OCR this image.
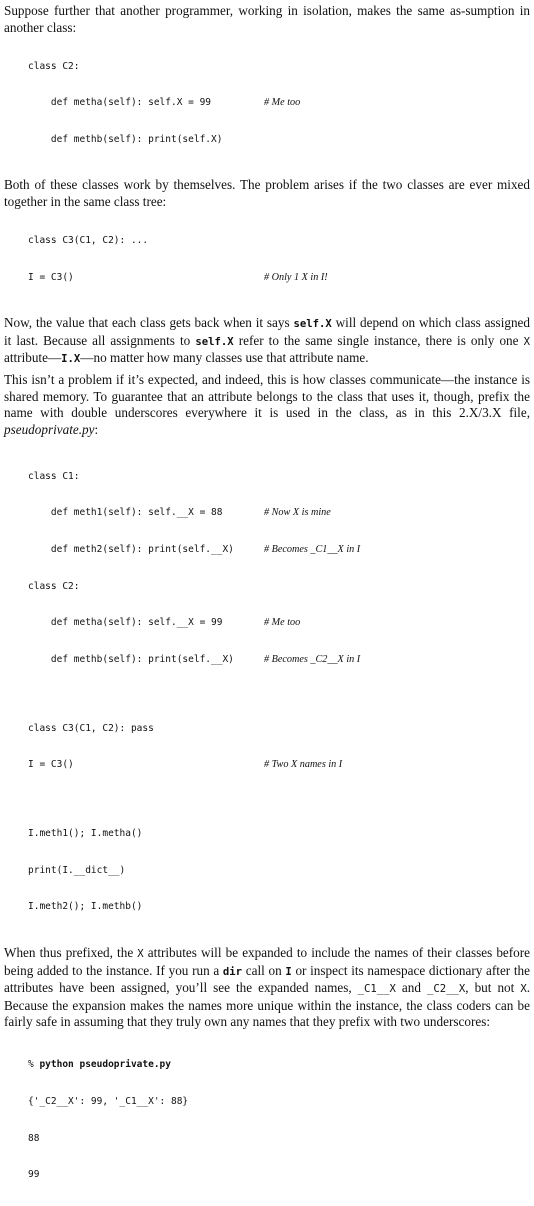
Suppose further that another programmer, working in isolation, makes the same as-sumption in another class:

class C2:

def metha(self): self.X = 99	# Me too

def methb(self): print(self.X)

Both of these classes work by themselves. The problem arises if the two classes are ever mixed together in the same class tree:

class C3(C1, C2): ...

I = C3()	# Only 1 X in I!

Now, the value that each class gets back when it says self.X will depend on which class assigned it last. Because all assignments to self.X refer to the same single instance, there is only one X attribute—I.X—no matter how many classes use that attribute name.

This isn’t a problem if it’s expected, and indeed, this is how classes communicate—the instance is shared memory. To guarantee that an attribute belongs to the class that uses it, though, prefix the name with double underscores everywhere it is used in the class, as in this 2.X/3.X file, pseudoprivate.py:

class C1:

def meth1(self): self.__X = 88	# Now X is mine

def meth2(self): print(self.__X)	# Becomes _C1__X in I

class C2:

def metha(self): self.__X = 99	# Me too

def methb(self): print(self.__X)	# Becomes _C2__X in I

class C3(C1, C2): pass

I = C3()	# Two X names in I

I.meth1(); I.metha()

print(I.__dict__)

I.meth2(); I.methb()

When thus prefixed, the X attributes will be expanded to include the names of their classes before being added to the instance. If you run a dir call on I or inspect its namespace dictionary after the attributes have been assigned, you’ll see the expanded names, _C1__X and _C2__X, but not X. Because the expansion makes the names more unique within the instance, the class coders can be fairly safe in assuming that they truly own any names that they prefix with two underscores:

% python pseudoprivate.py

{'_C2__X': 99, '_C1__X': 88}

88

99
